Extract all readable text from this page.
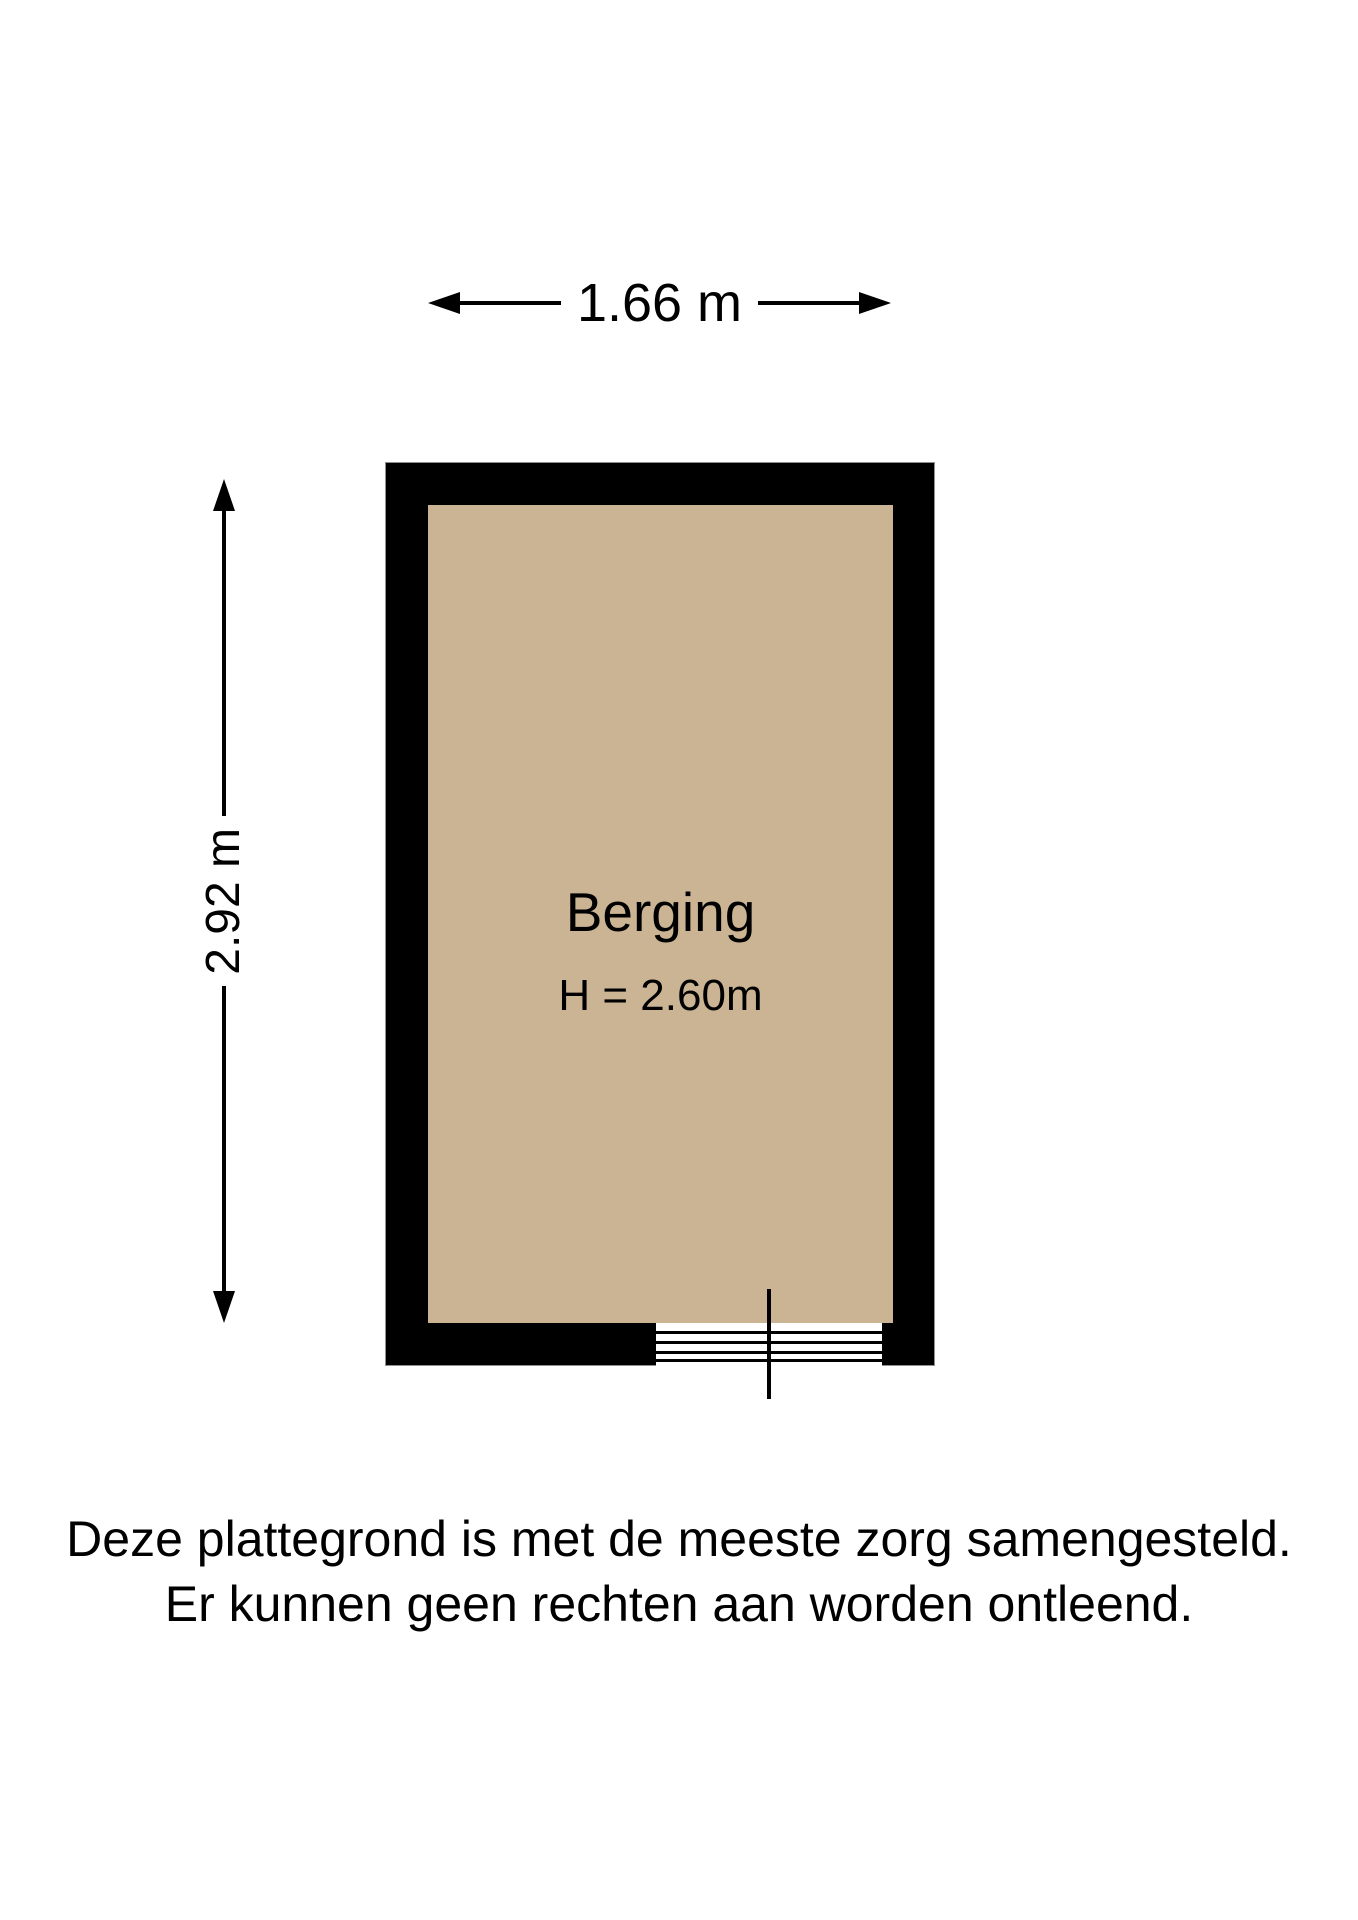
Berging
H = 2.60m
1.66 m
2.92 m
Deze plattegrond is met de meeste zorg samengesteld.
Er kunnen geen rechten aan worden ontleend.
